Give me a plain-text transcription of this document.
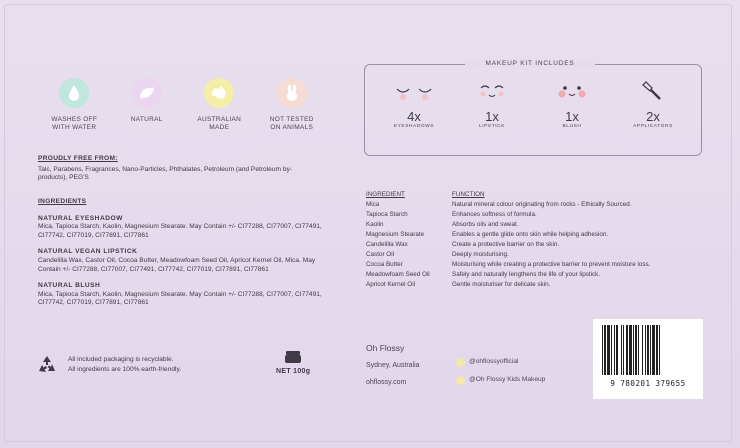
WASHES OFF
WITH WATER
NATURAL	AUSTRALIAN
MADE
NOT TESTED
ON ANIMALS
PROUDLY FREE FROM:
Talc, Parabens, Fragrances, Nano-Particles, Phthalates, Petroleum (and Petroleum by-products), PEG'S
INGREDIENTS
NATURAL EYESHADOW
Mica, Tapioca Starch, Kaolin, Magnesium Stearate. May Contain +/- CI77288, CI77007, CI77491, CI77742, CI77019, CI77891, CI77861
NATURAL VEGAN LIPSTICK
Candelilla Wax, Castor Oil, Cocoa Butter, Meadowfoam Seed Oil, Apricot Kernel Oil, Mica. May Contain +/- CI77288, CI77007, CI77491, CI77742, CI77019, CI77891, CI77861
NATURAL BLUSH
Mica, Tapioca Starch, Kaolin, Magnesium Stearate. May Contain +/- CI77288, CI77007, CI77491, CI77742, CI77019, CI77891, CI77861
MAKEUP KIT INCLUDES
4x
EYESHADOWS
1x
LIPSTICK
1x
BLUSH
2x
APPLICATORS
INGREDIENT	FUNCTION
Mica	Natural mineral colour originating from rocks - Ethically Sourced.
Tapioca Starch	Enhances softness of formula.
Kaolin	Absorbs oils and sweat.
Magnesium Stearate	Enables a gentle glide onto skin while helping adhesion.
Candelilla Wax	Create a protective barrier on the skin.
Castor Oil	Deeply moisturising.
Cocoa Butter	Moisturising while creating a protective barrier to prevent moisture loss.
Meadowfoam Seed Oil	Safely and naturally lengthens the life of your lipstick.
Apricot Kernel Oil	Gentle moisturiser for delicate skin.
Oh Flossy
Sydney, Australia
ohflossy.com
@ohflossyofficial
@Oh Flossy Kids Makeup	9 780201 379655
All included packaging is recyclable.
All ingredients are 100% earth-friendly.	NET 100g
